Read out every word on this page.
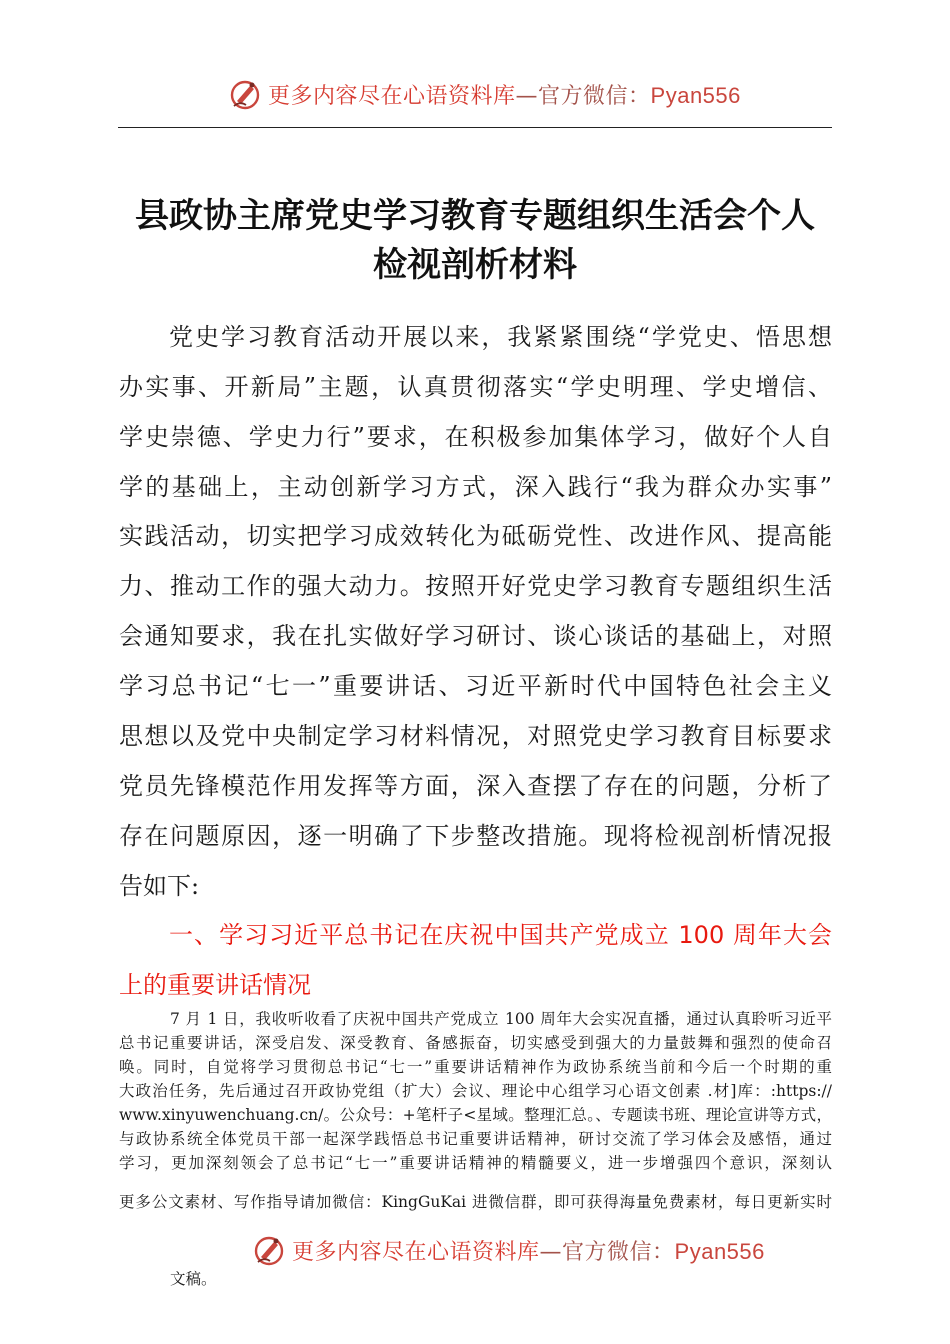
更多内容尽在心语资料库—官方微信：Pyan556
县政协主席党史学习教育专题组织生活会个人
检视剖析材料
党史学习教育活动开展以来，我紧紧围绕“学党史、悟思想
办实事、开新局”主题，认真贯彻落实“学史明理、学史增信、
学史崇德、学史力行”要求，在积极参加集体学习，做好个人自
学的基础上，主动创新学习方式，深入践行“我为群众办实事”
实践活动，切实把学习成效转化为砥砺党性、改进作风、提高能
力、推动工作的强大动力。按照开好党史学习教育专题组织生活
会通知要求，我在扎实做好学习研讨、谈心谈话的基础上，对照
学习总书记“七一”重要讲话、习近平新时代中国特色社会主义
思想以及党中央制定学习材料情况，对照党史学习教育目标要求
党员先锋模范作用发挥等方面，深入查摆了存在的问题，分析了
存在问题原因，逐一明确了下步整改措施。现将检视剖析情况报
告如下:
一、学习习近平总书记在庆祝中国共产党成立 100 周年大会
上的重要讲话情况
7 月 1 日，我收听收看了庆祝中国共产党成立 100 周年大会实况直播，通过认真聆听习近平
总书记重要讲话，深受启发、深受教育、备感振奋，切实感受到强大的力量鼓舞和强烈的使命召
唤。同时，自觉将学习贯彻总书记“七一”重要讲话精神作为政协系统当前和今后一个时期的重
大政治任务，先后通过召开政协党组（扩大）会议、理论中心组学习心语文创素 .材]库：:https://
www.xinyuwenchuang.cn/。公众号：+笔杆子<星域。整理汇总。、专题读书班、理论宣讲等方式，
与政协系统全体党员干部一起深学践悟总书记重要讲话精神，研讨交流了学习体会及感悟，通过
学习，更加深刻领会了总书记“七一”重要讲话精神的精髓要义，进一步增强四个意识，深刻认
更多公文素材、写作指导请加微信：KingGuKai 进微信群，即可获得海量免费素材，每日更新实时
更多内容尽在心语资料库—官方微信：Pyan556
文稿。
